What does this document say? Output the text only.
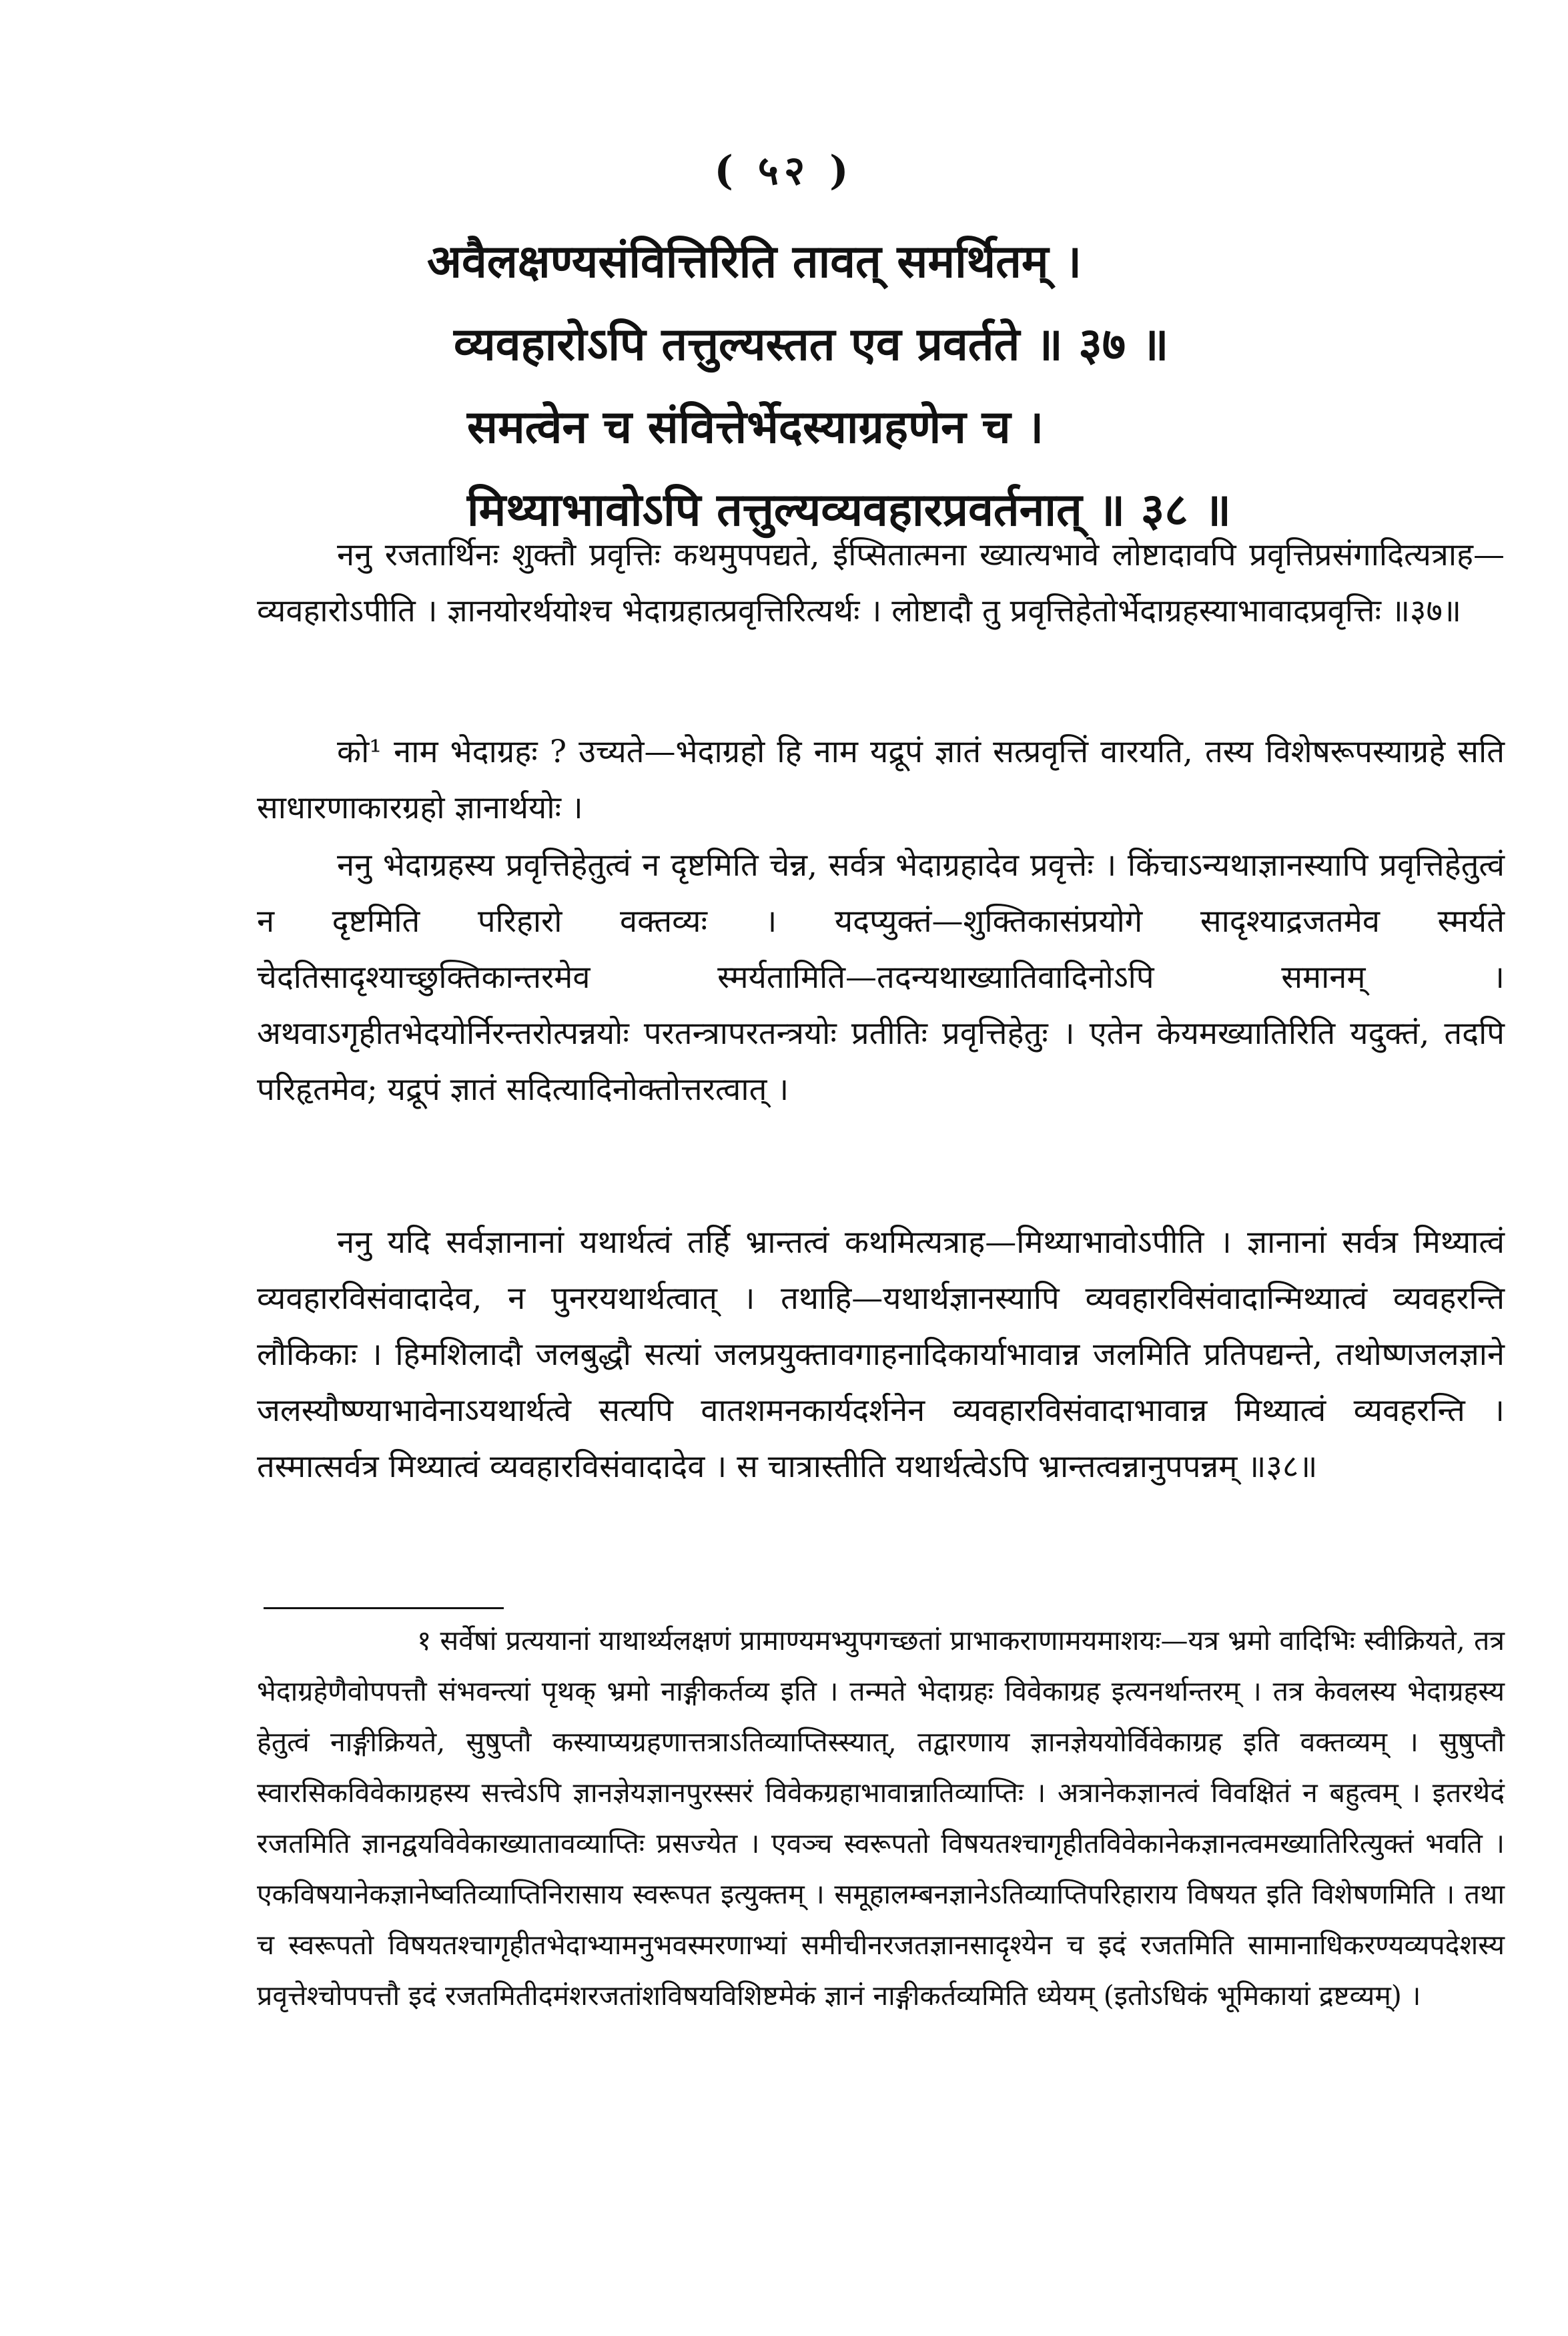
( ५२ )
अवैलक्षण्यसंवित्तिरिति तावत् समर्थितम् ।
व्यवहारोऽपि तत्तुल्यस्तत एव प्रवर्तते ॥ ३७ ॥
समत्वेन च संवित्तेर्भेदस्याग्रहणेन च ।
मिथ्याभावोऽपि तत्तुल्यव्यवहारप्रवर्तनात् ॥ ३८ ॥

ननु रजतार्थिनः शुक्तौ प्रवृत्तिः कथमुपपद्यते, ईप्सितात्मना ख्यात्यभावे लोष्टादावपि प्रवृत्तिप्रसंगादित्यत्राह—व्यवहारोऽपीति । ज्ञानयोरर्थयोश्च भेदाग्रहात्प्रवृत्तिरित्यर्थः । लोष्टादौ तु प्रवृत्तिहेतोर्भेदाग्रहस्याभावादप्रवृत्तिः ॥३७॥

को¹ नाम भेदाग्रहः ? उच्यते—भेदाग्रहो हि नाम यद्रूपं ज्ञातं सत्प्रवृत्तिं वारयति, तस्य विशेषरूपस्याग्रहे सति साधारणाकारग्रहो ज्ञानार्थयोः ।

ननु भेदाग्रहस्य प्रवृत्तिहेतुत्वं न दृष्टमिति चेन्न, सर्वत्र भेदाग्रहादेव प्रवृत्तेः । किंचाऽन्यथाज्ञानस्यापि प्रवृत्तिहेतुत्वं न दृष्टमिति परिहारो वक्तव्यः । यदप्युक्तं—शुक्तिकासंप्रयोगे सादृश्याद्रजतमेव स्मर्यते चेदतिसादृश्याच्छुक्तिकान्तरमेव स्मर्यतामिति—तदन्यथाख्यातिवादिनोऽपि समानम् । अथवाऽगृहीतभेदयोर्निरन्तरोत्पन्नयोः परतन्त्रापरतन्त्रयोः प्रतीतिः प्रवृत्तिहेतुः । एतेन केयमख्यातिरिति यदुक्तं, तदपि परिहृतमेव; यद्रूपं ज्ञातं सदित्यादिनोक्तोत्तरत्वात् ।

ननु यदि सर्वज्ञानानां यथार्थत्वं तर्हि भ्रान्तत्वं कथमित्यत्राह—मिथ्याभावोऽपीति । ज्ञानानां सर्वत्र मिथ्यात्वं व्यवहारविसंवादादेव, न पुनरयथार्थत्वात् । तथाहि—यथार्थज्ञानस्यापि व्यवहारविसंवादान्मिथ्यात्वं व्यवहरन्ति लौकिकाः । हिमशिलादौ जलबुद्धौ सत्यां जलप्रयुक्तावगाहनादिकार्याभावान्न जलमिति प्रतिपद्यन्ते, तथोष्णजलज्ञाने जलस्यौष्ण्याभावेनाऽयथार्थत्वे सत्यपि वातशमनकार्यदर्शनेन व्यवहारविसंवादाभावान्न मिथ्यात्वं व्यवहरन्ति । तस्मात्सर्वत्र मिथ्यात्वं व्यवहारविसंवादादेव । स चात्रास्तीति यथार्थत्वेऽपि भ्रान्तत्वन्नानुपपन्नम् ॥३८॥

१ सर्वेषां प्रत्ययानां याथार्थ्यलक्षणं प्रामाण्यमभ्युपगच्छतां प्राभाकराणामयमाशयः—यत्र भ्रमो वादिभिः स्वीक्रियते, तत्र भेदाग्रहेणैवोपपत्तौ संभवन्त्यां पृथक् भ्रमो नाङ्गीकर्तव्य इति । तन्मते भेदाग्रहः विवेकाग्रह इत्यनर्थान्तरम् । तत्र केवलस्य भेदाग्रहस्य हेतुत्वं नाङ्गीक्रियते, सुषुप्तौ कस्याप्यग्रहणात्तत्राऽतिव्याप्तिस्स्यात्, तद्वारणाय ज्ञानज्ञेययोर्विवेकाग्रह इति वक्तव्यम् । सुषुप्तौ स्वारसिकविवेकाग्रहस्य सत्त्वेऽपि ज्ञानज्ञेयज्ञानपुरस्सरं विवेकग्रहाभावान्नातिव्याप्तिः । अत्रानेकज्ञानत्वं विवक्षितं न बहुत्वम् । इतरथेदं रजतमिति ज्ञानद्वयविवेकाख्यातावव्याप्तिः प्रसज्येत । एवञ्च स्वरूपतो विषयतश्चागृहीतविवेकानेकज्ञानत्वमख्यातिरित्युक्तं भवति । एकविषयानेकज्ञानेष्वतिव्याप्तिनिरासाय स्वरूपत इत्युक्तम् । समूहालम्बनज्ञानेऽतिव्याप्तिपरिहाराय विषयत इति विशेषणमिति । तथा च स्वरूपतो विषयतश्चागृहीतभेदाभ्यामनुभवस्मरणाभ्यां समीचीनरजतज्ञानसादृश्येन च इदं रजतमिति सामानाधिकरण्यव्यपदेशस्य प्रवृत्तेश्चोपपत्तौ इदं रजतमितीदमंशरजतांशविषयविशिष्टमेकं ज्ञानं नाङ्गीकर्तव्यमिति ध्येयम् (इतोऽधिकं भूमिकायां द्रष्टव्यम्) ।
